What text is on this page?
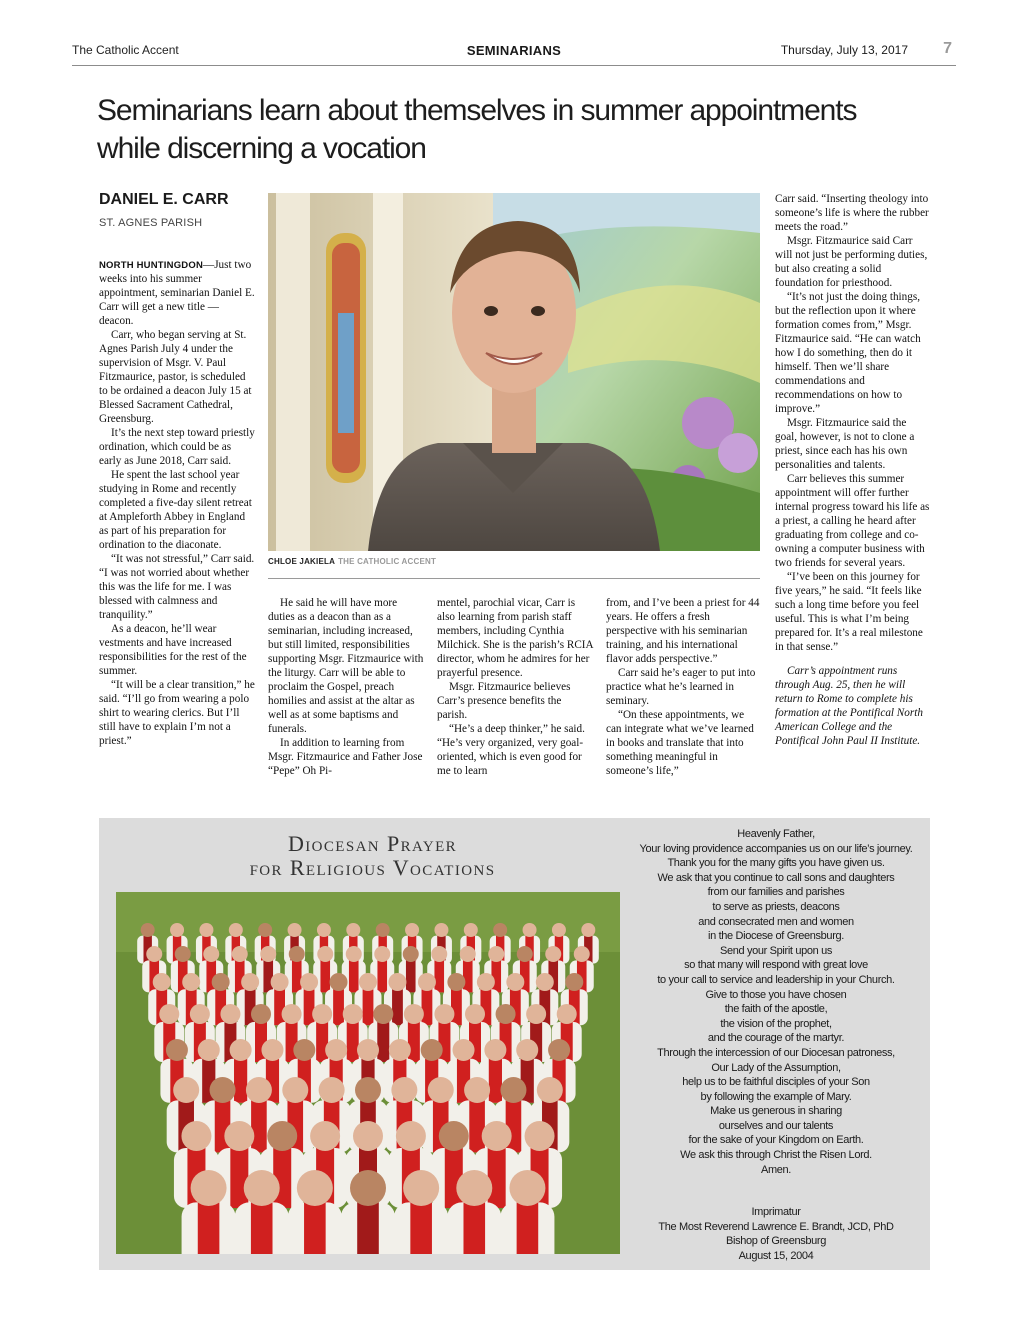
The Catholic Accent	SEMINARIANS	Thursday, July 13, 2017 7
Seminarians learn about themselves in summer appointments while discerning a vocation
DANIEL E. CARR
ST. AGNES PARISH

NORTH HUNTINGDON—Just two weeks into his summer appointment, seminarian Daniel E. Carr will get a new title — deacon.

Carr, who began serving at St. Agnes Parish July 4 under the supervision of Msgr. V. Paul Fitzmaurice, pastor, is scheduled to be ordained a deacon July 15 at Blessed Sacrament Cathedral, Greensburg.

It’s the next step toward priestly ordination, which could be as early as June 2018, Carr said.

He spent the last school year studying in Rome and recently completed a five-day silent retreat at Ampleforth Abbey in England as part of his preparation for ordination to the diaconate.

“It was not stressful,” Carr said. “I was not worried about whether this was the life for me. I was blessed with calmness and tranquility.”

As a deacon, he’ll wear vestments and have increased responsibilities for the rest of the summer.

“It will be a clear transition,” he said. “I’ll go from wearing a polo shirt to wearing clerics. But I’ll still have to explain I’m not a priest.”

CHLOE JAKIELA THE CATHOLIC ACCENT

He said he will have more duties as a deacon than as a seminarian, including increased, but still limited, responsibilities supporting Msgr. Fitzmaurice with the liturgy. Carr will be able to proclaim the Gospel, preach homilies and assist at the altar as well as at some baptisms and funerals.

In addition to learning from Msgr. Fitzmaurice and Father Jose “Pepe” Oh Pi-

mentel, parochial vicar, Carr is also learning from parish staff members, including Cynthia Milchick. She is the parish’s RCIA director, whom he admires for her prayerful presence.

Msgr. Fitzmaurice believes Carr’s presence benefits the parish.

“He’s a deep thinker,” he said. “He’s very organized, very goal-oriented, which is even good for me to learn

from, and I’ve been a priest for 44 years. He offers a fresh perspective with his seminarian training, and his international flavor adds perspective.”

Carr said he’s eager to put into practice what he’s learned in seminary.

“On these appointments, we can integrate what we’ve learned in books and translate that into something meaningful in someone’s life,”

Carr said. “Inserting theology into someone’s life is where the rubber meets the road.”

Msgr. Fitzmaurice said Carr will not just be performing duties, but also creating a solid foundation for priesthood.

“It’s not just the doing things, but the reflection upon it where formation comes from,” Msgr. Fitzmaurice said. “He can watch how I do something, then do it himself. Then we’ll share commendations and recommendations on how to improve.”

Msgr. Fitzmaurice said the goal, however, is not to clone a priest, since each has his own personalities and talents.

Carr believes this summer appointment will offer further internal progress toward his life as a priest, a calling he heard after graduating from college and co-owning a computer business with two friends for several years.

“I’ve been on this journey for five years,” he said. “It feels like such a long time before you feel useful. This is what I’m being prepared for. It’s a real milestone in that sense.”

Carr’s appointment runs through Aug. 25, then he will return to Rome to complete his formation at the Pontifical North American College and the Pontifical John Paul II Institute.

Diocesan Prayer
for Religious Vocations
Heavenly Father,
Your loving providence accompanies us on our life’s journey.
Thank you for the many gifts you have given us.
We ask that you continue to call sons and daughters
from our families and parishes
to serve as priests, deacons
and consecrated men and women
in the Diocese of Greensburg.
Send your Spirit upon us
so that many will respond with great love
to your call to service and leadership in your Church.
Give to those you have chosen
the faith of the apostle,
the vision of the prophet,
and the courage of the martyr.
Through the intercession of our Diocesan patroness,
Our Lady of the Assumption,
help us to be faithful disciples of your Son
by following the example of Mary.
Make us generous in sharing
ourselves and our talents
for the sake of your Kingdom on Earth.
We ask this through Christ the Risen Lord.
Amen.
Imprimatur
The Most Reverend Lawrence E. Brandt, JCD, PhD
Bishop of Greensburg
August 15, 2004
